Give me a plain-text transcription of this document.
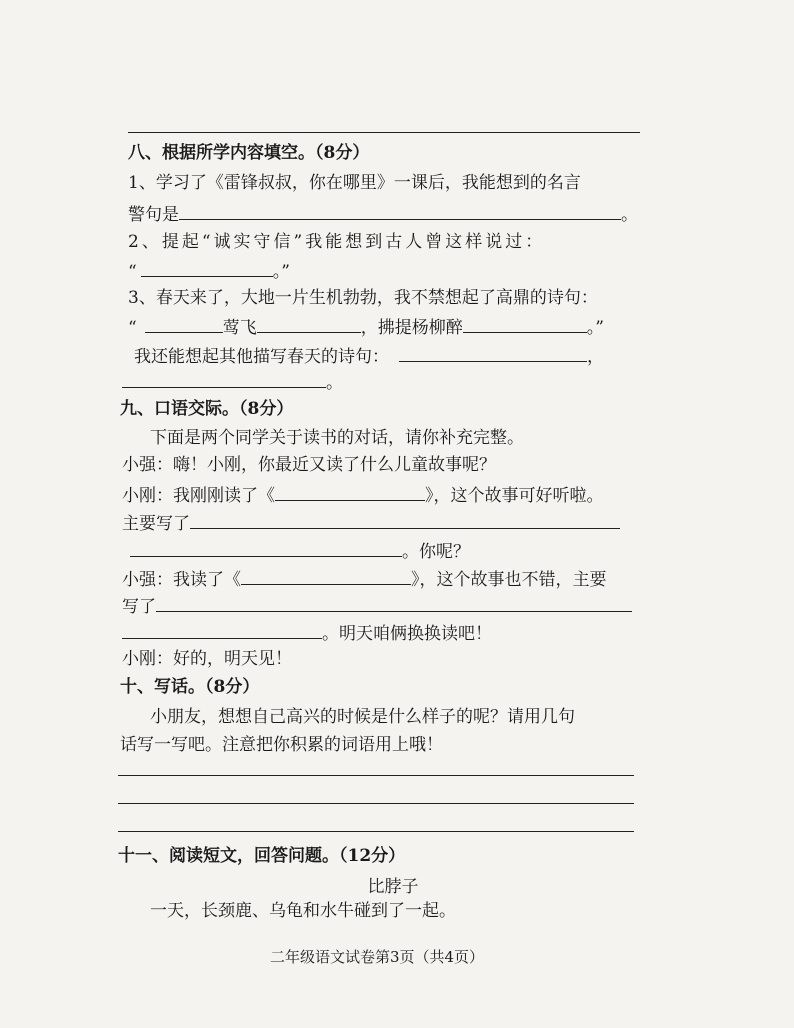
八、根据所学内容填空。（8分）
1、学习了《雷锋叔叔，你在哪里》一课后，我能想到的名言
警句是	。
2、提起“诚实守信”我能想到古人曾这样说过：
“	。”
3、春天来了，大地一片生机勃勃，我不禁想起了高鼎的诗句：
“	莺飞	，拂提杨柳醉	。”
我还能想起其他描写春天的诗句：	，
。
九、口语交际。（8分）
下面是两个同学关于读书的对话，请你补充完整。
小强：嗨！小刚，你最近又读了什么儿童故事呢？
小刚：我刚刚读了《	》，这个故事可好听啦。
主要写了
。你呢？
小强：我读了《	》，这个故事也不错，主要
写了
。明天咱俩换换读吧！
小刚：好的，明天见！
十、写话。（8分）
小朋友，想想自己高兴的时候是什么样子的呢？请用几句
话写一写吧。注意把你积累的词语用上哦！
十一、阅读短文，回答问题。（12分）
比脖子
一天，长颈鹿、乌龟和水牛碰到了一起。
二年级语文试卷第3页（共4页）
